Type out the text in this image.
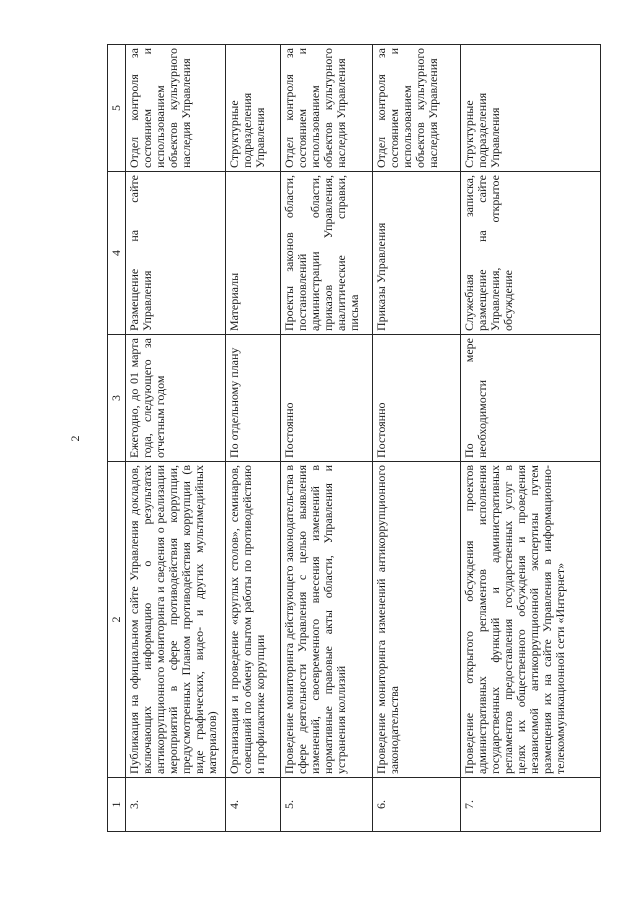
2
1	2	3	4	5
3.	Публикация на официальном сайте Управления докладов, включающих информацию о результатах антикоррупционного мониторинга и сведения о реализации мероприятий в сфере противодействия коррупции, предусмотренных Планом противодействия коррупции (в виде графических, видео- и других мультимедийных материалов)	Ежегодно, до 01 марта года, следующего за отчетным годом	Размещение на сайте Управления	Отдел контроля за состоянием и использованием объектов культурного наследия Управления
4.	Организация и проведение «круглых столов», семинаров, совещаний по обмену опытом работы по противодействию и профилактике коррупции	По отдельному плану	Материалы	Структурные подразделения Управления
5.	Проведение мониторинга действующего законодательства в сфере деятельности Управления с целью выявления изменений, своевременного внесения изменений в нормативные правовые акты области, Управления и устранения коллизий	Постоянно	Проекты законов области, постановлений администрации области, приказов Управления, аналитические справки, письма	Отдел контроля за состоянием и использованием объектов культурного наследия Управления
6.	Проведение мониторинга изменений антикоррупционного законодательства	Постоянно	Приказы Управления	Отдел контроля за состоянием и использованием объектов культурного наследия Управления
7.	Проведение открытого обсуждения проектов административных регламентов исполнения государственных функций и административных регламентов предоставления государственных услуг в целях их общественного обсуждения и проведения независимой антикоррупционной экспертизы путем размещения их на сайте Управления в информационно-телекоммуникационной сети «Интернет»	По мере необходимости	Служебная записка, размещение на сайте Управления, открытое обсуждение	Структурные подразделения Управления
